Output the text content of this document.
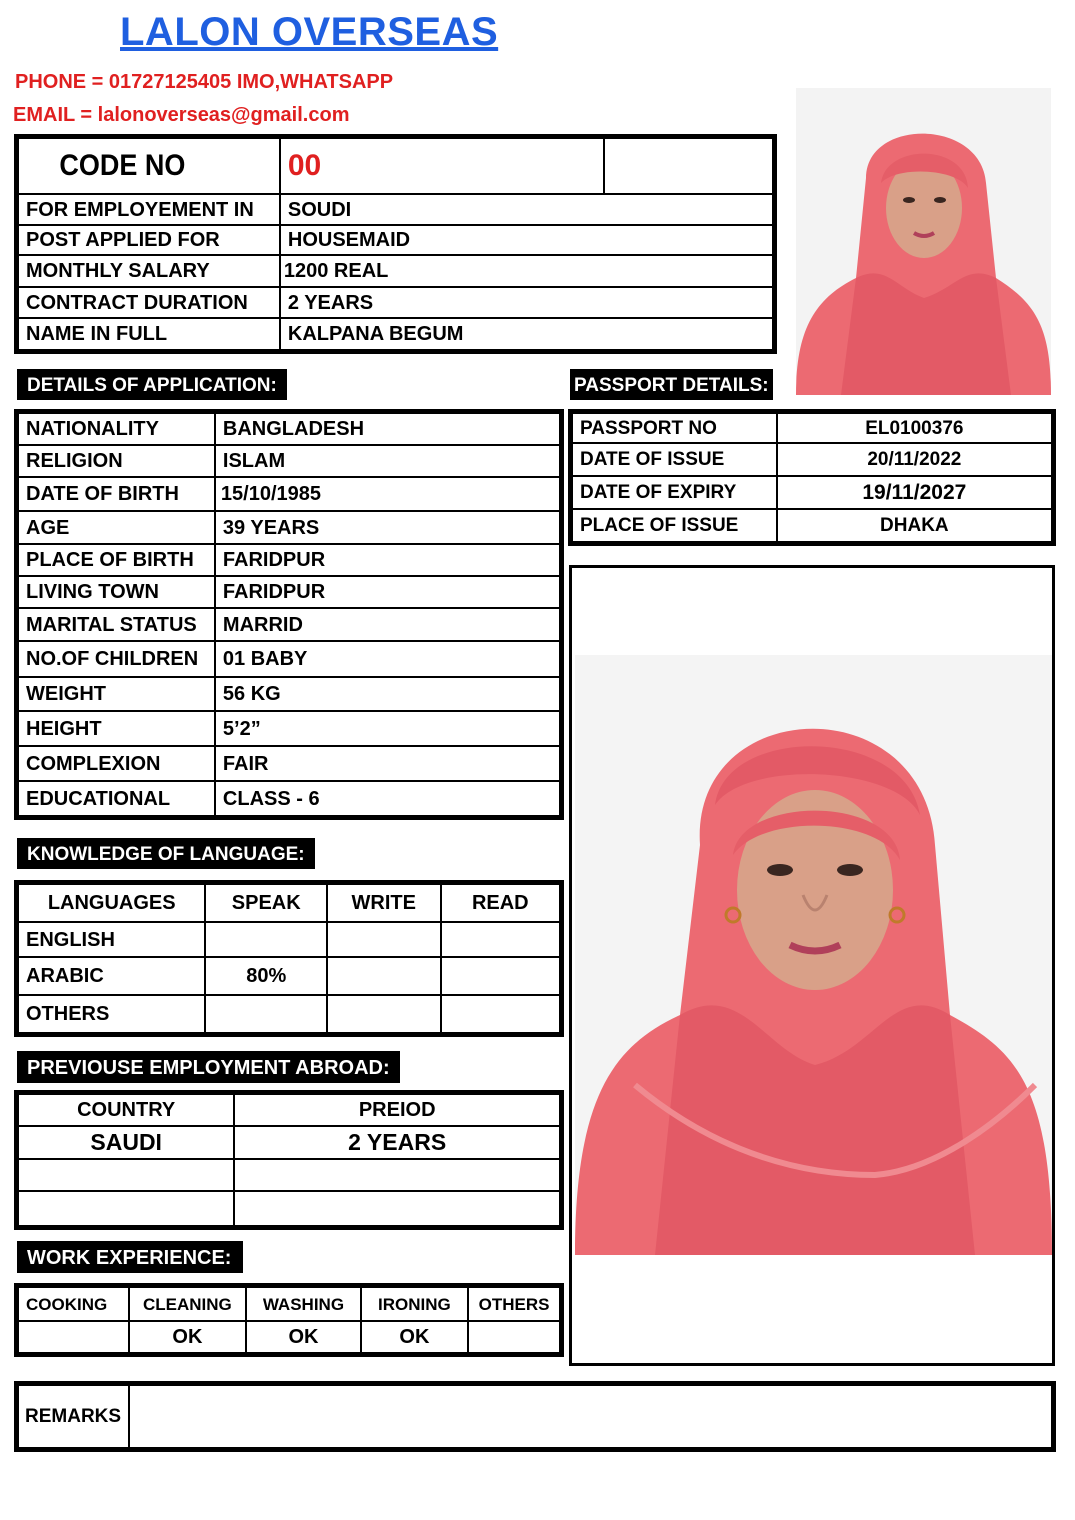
LALON OVERSEAS
PHONE = 01727125405 IMO,WHATSAPP
EMAIL = lalonoverseas@gmail.com
CODE NO	00	
FOR EMPLOYEMENT IN	SOUDI	
POST APPLIED FOR	HOUSEMAID	
MONTHLY SALARY	1200 REAL	
CONTRACT DURATION	2 YEARS	
NAME IN FULL	KALPANA BEGUM	
DETAILS OF APPLICATION:	PASSPORT DETAILS:
NATIONALITY	BANGLADESH
RELIGION	ISLAM
DATE OF BIRTH	15/10/1985
AGE	39 YEARS
PLACE OF BIRTH	FARIDPUR
LIVING TOWN	FARIDPUR
MARITAL STATUS	MARRID
NO.OF CHILDREN	01 BABY
WEIGHT	56 KG
HEIGHT	5’2”
COMPLEXION	FAIR
EDUCATIONAL	CLASS - 6
PASSPORT NO	EL0100376
DATE OF ISSUE	20/11/2022
DATE OF EXPIRY	19/11/2027
PLACE OF ISSUE	DHAKA
KNOWLEDGE OF LANGUAGE:
LANGUAGES	SPEAK	WRITE	READ
ENGLISH			
ARABIC	80%		
OTHERS			
PREVIOUSE EMPLOYMENT ABROAD:
COUNTRY	PREIOD
SAUDI	2 YEARS

WORK EXPERIENCE:
COOKING	CLEANING	WASHING	IRONING	OTHERS
	OK	OK	OK	
REMARKS	
